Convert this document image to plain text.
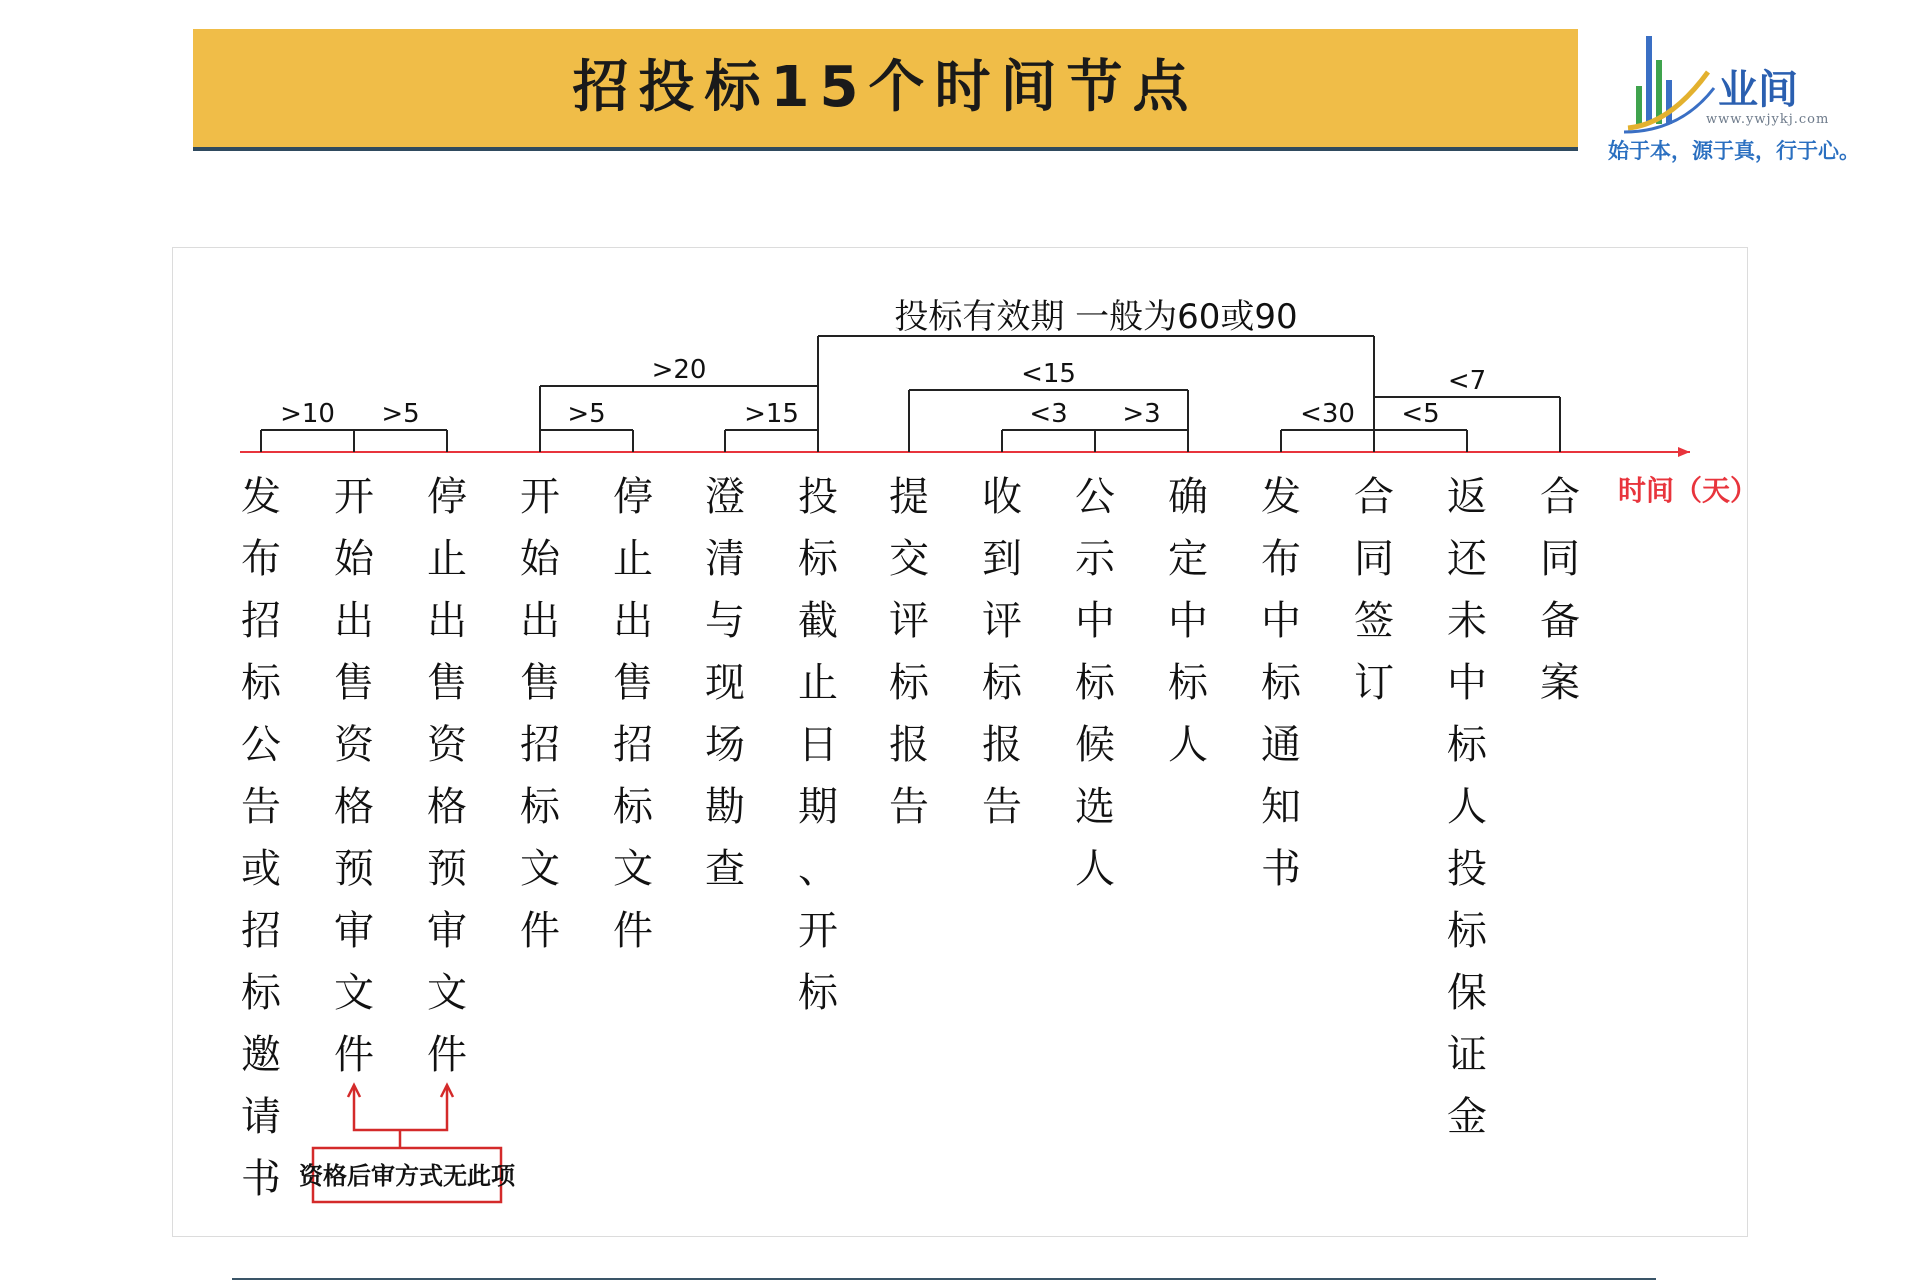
招投标15个时间节点	业间
www.ywjykj.com
始于本，源于真，行于心。
时间（天）
>10 >5	>5	>15
>20
<3 >3
<15
<30 <5
<7
投标有效期 一般为60或90
发布招标公告或招标邀请书
开始出售资格预审文件
停止出售资格预审文件
开始出售招标文件
停止出售招标文件
澄清与现场勘查
投标截止日期、开标
提交评标报告
收到评标报告
公示中标候选人
确定中标人
发布中标通知书
合同签订
返还未中标人投标保证金
合同备案
资格后审方式无此项
